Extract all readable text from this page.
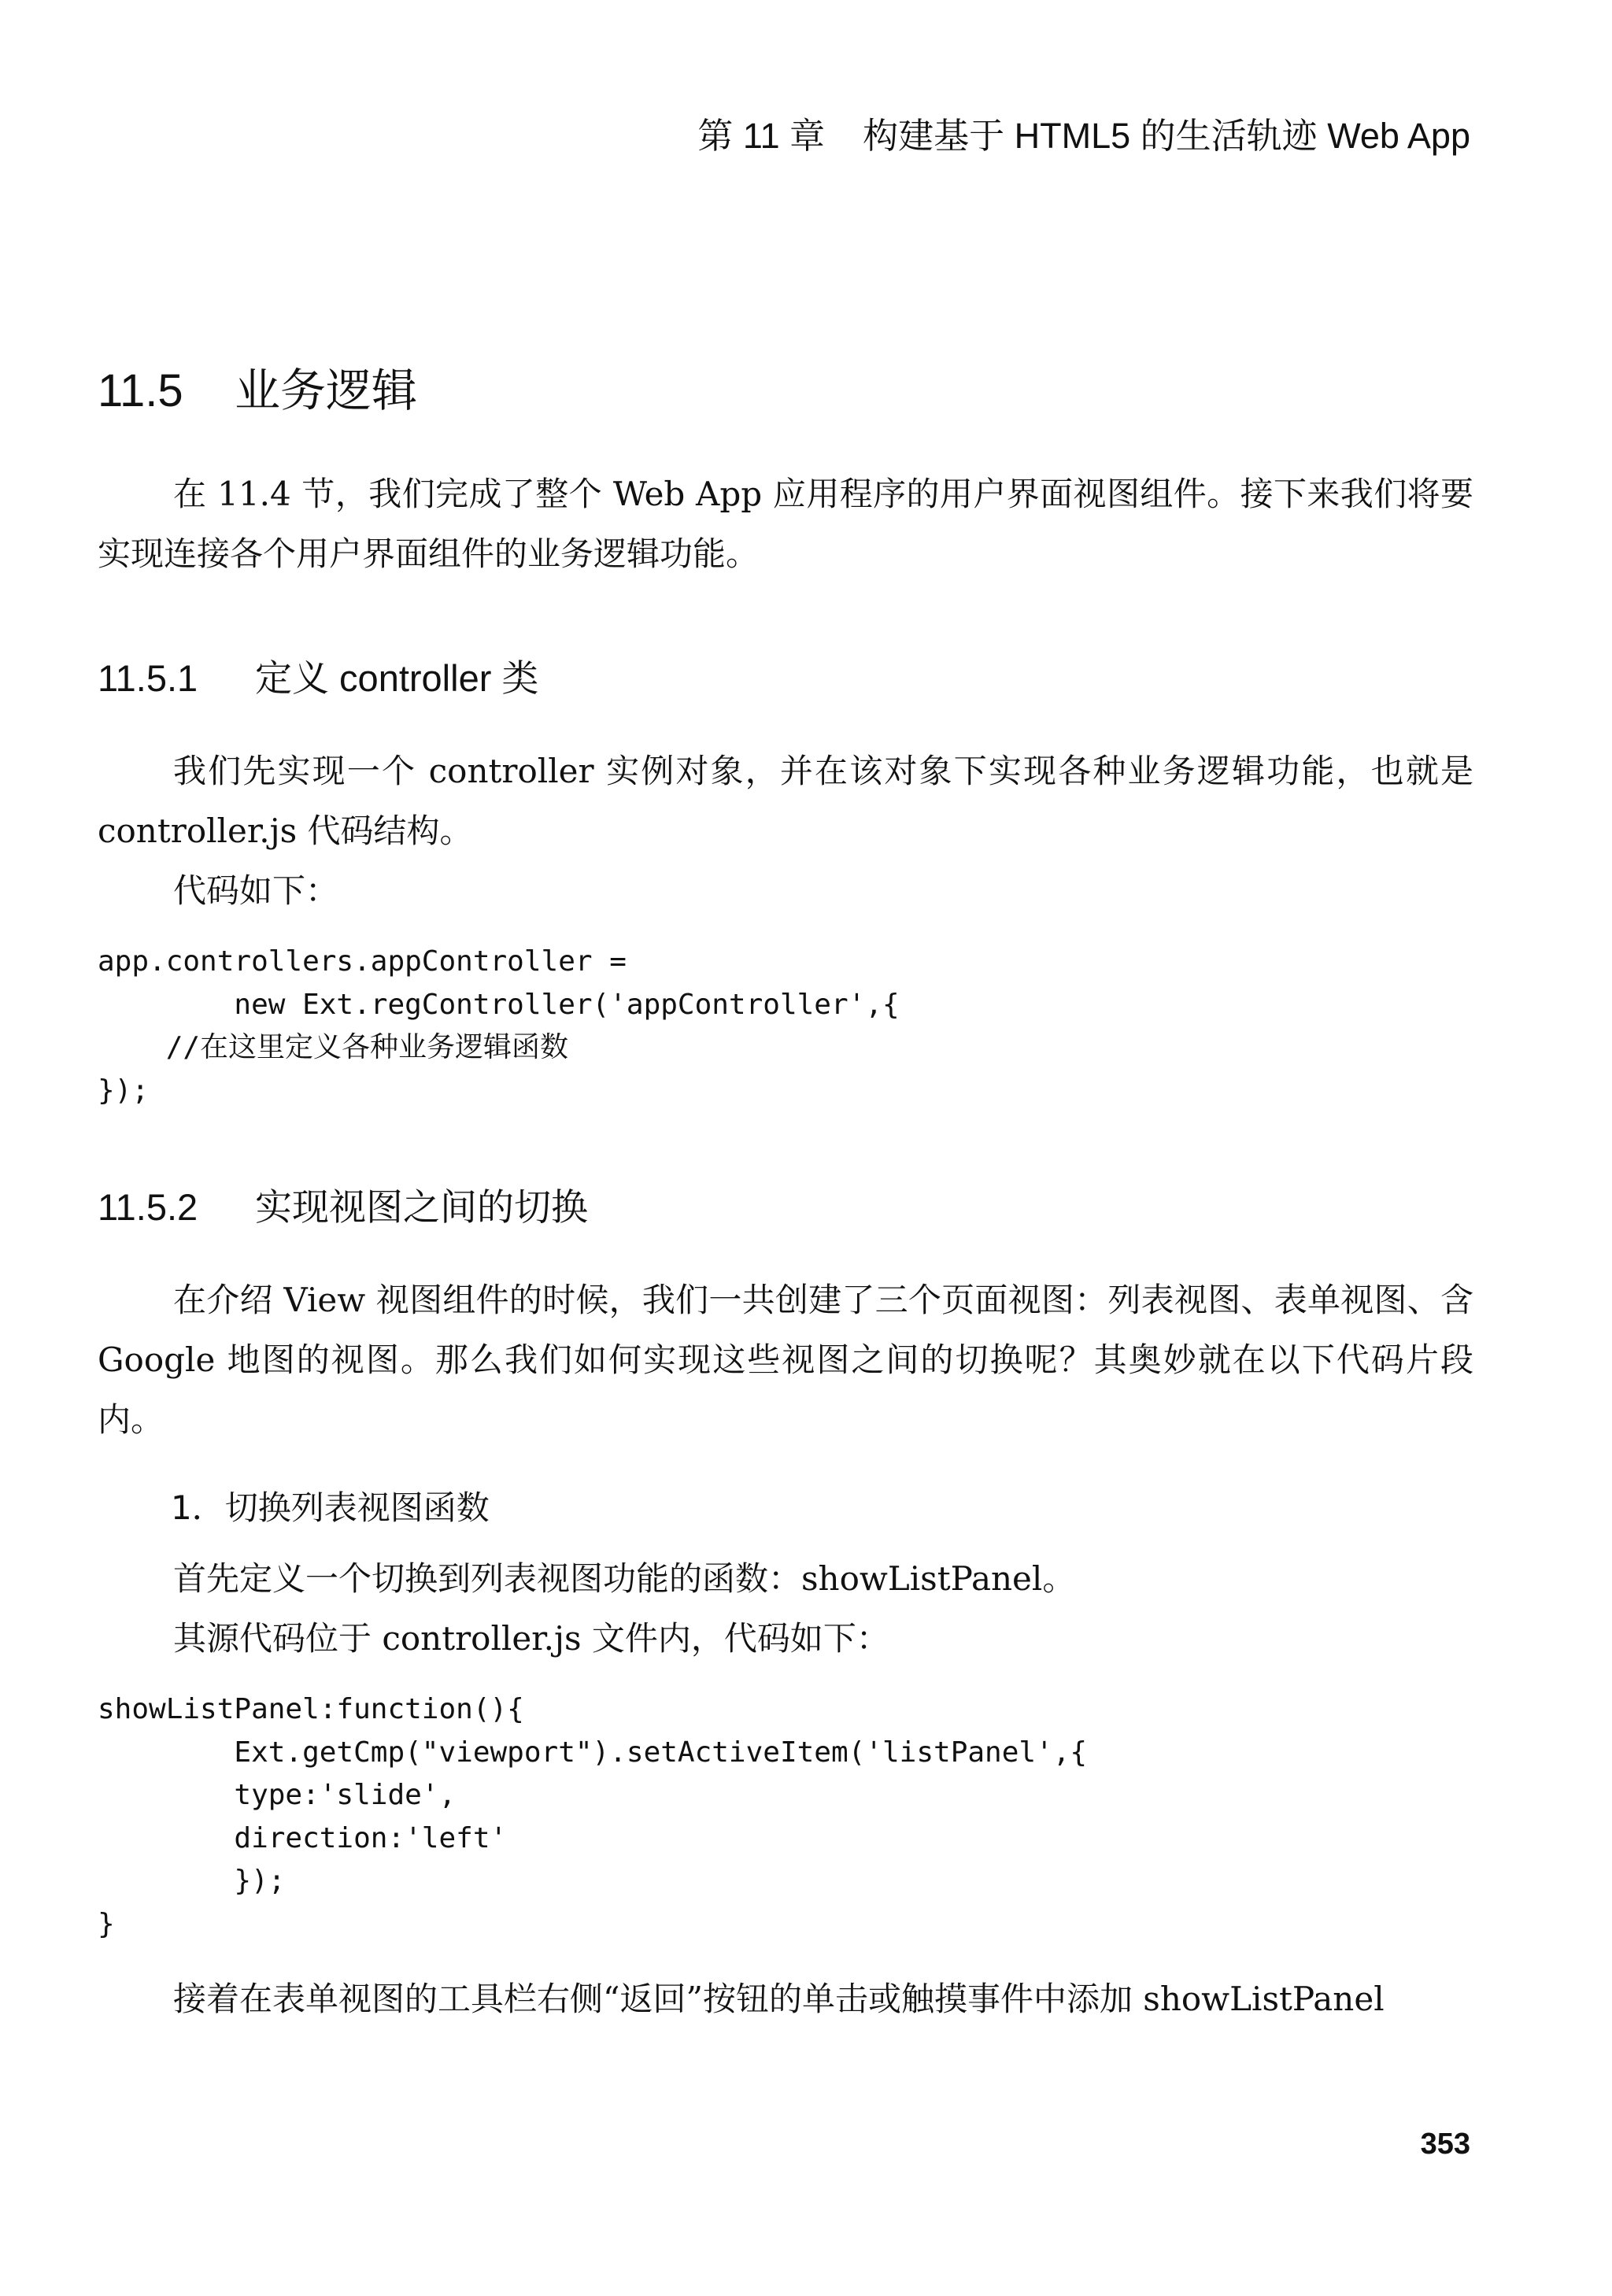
第 11 章 构建基于 HTML5 的生活轨迹 Web App
11.5 业务逻辑

在 11.4 节，我们完成了整个 Web App 应用程序的用户界面视图组件。接下来我们将要实现连接各个用户界面组件的业务逻辑功能。

11.5.1 定义 controller 类

我们先实现一个 controller 实例对象，并在该对象下实现各种业务逻辑功能，也就是 controller.js 代码结构。

代码如下：
app.controllers.appController =
new Ext.regController('appController',{
//在这里定义各种业务逻辑函数
});
11.5.2 实现视图之间的切换

在介绍 View 视图组件的时候，我们一共创建了三个页面视图：列表视图、表单视图、含 Google 地图的视图。那么我们如何实现这些视图之间的切换呢？其奥妙就在以下代码片段内。

1．切换列表视图函数
首先定义一个切换到列表视图功能的函数：showListPanel。
其源代码位于 controller.js 文件内，代码如下：
showListPanel:function(){
Ext.getCmp("viewport").setActiveItem('listPanel',{
type:'slide',
direction:'left'
});
}
接着在表单视图的工具栏右侧“返回”按钮的单击或触摸事件中添加 showListPanel
353
